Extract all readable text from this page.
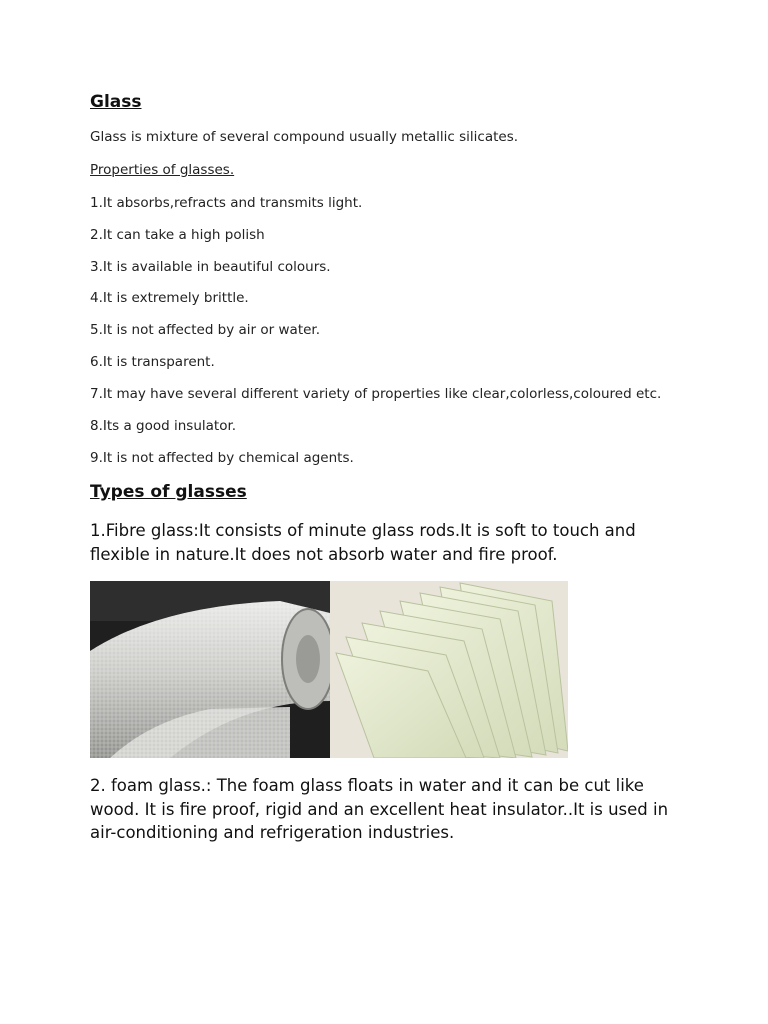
Glass

Glass is mixture of several compound usually metallic silicates.

Properties of glasses.

1.It absorbs,refracts and transmits light.

2.It can take a high polish

3.It is available in beautiful colours.

4.It is extremely brittle.

5.It is not affected by air or water.

6.It is transparent.

7.It may have several different variety of properties like clear,colorless,coloured etc.

8.Its a good insulator.

9.It is not affected by chemical agents.

Types of glasses

1.Fibre glass:It consists of minute glass rods.It is soft to touch and flexible in nature.It does not absorb water and fire proof.

2. foam glass.: The foam glass floats in water and it can be cut like wood. It is fire proof, rigid and an excellent heat insulator..It is used in air-conditioning and refrigeration industries.
